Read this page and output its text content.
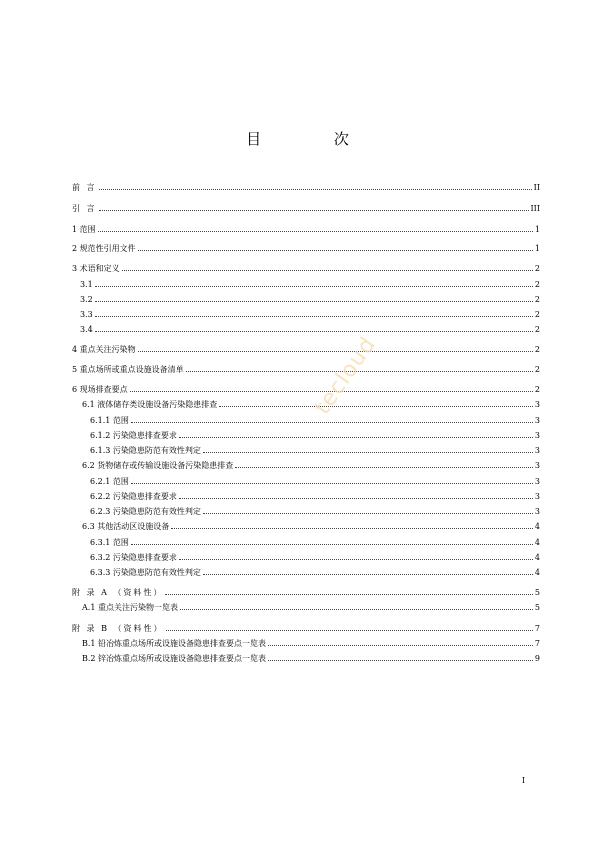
目 次
前 言	II
引 言	III
1 范围	1
2 规范性引用文件	1
3 术语和定义	2
3.1	2
3.2	2
3.3	2
3.4	2
4 重点关注污染物	2
5 重点场所或重点设施设备清单	2
6 现场排查要点	2
6.1 液体储存类设施设备污染隐患排查	3
6.1.1 范围	3
6.1.2 污染隐患排查要求	3
6.1.3 污染隐患防范有效性判定	3
6.2 货物储存或传输设施设备污染隐患排查	3
6.2.1 范围	3
6.2.2 污染隐患排查要求	3
6.2.3 污染隐患防范有效性判定	3
6.3 其他活动区设施设备	4
6.3.1 范围	4
6.3.2 污染隐患排查要求	4
6.3.3 污染隐患防范有效性判定	4
附 录 A （资料性）	5
A.1 重点关注污染物一览表	5
附 录 B （资料性）	7
B.1 铅冶炼重点场所或设施设备隐患排查要点一览表	7
B.2 锌冶炼重点场所或设施设备隐患排查要点一览表	9
tecloud
I
